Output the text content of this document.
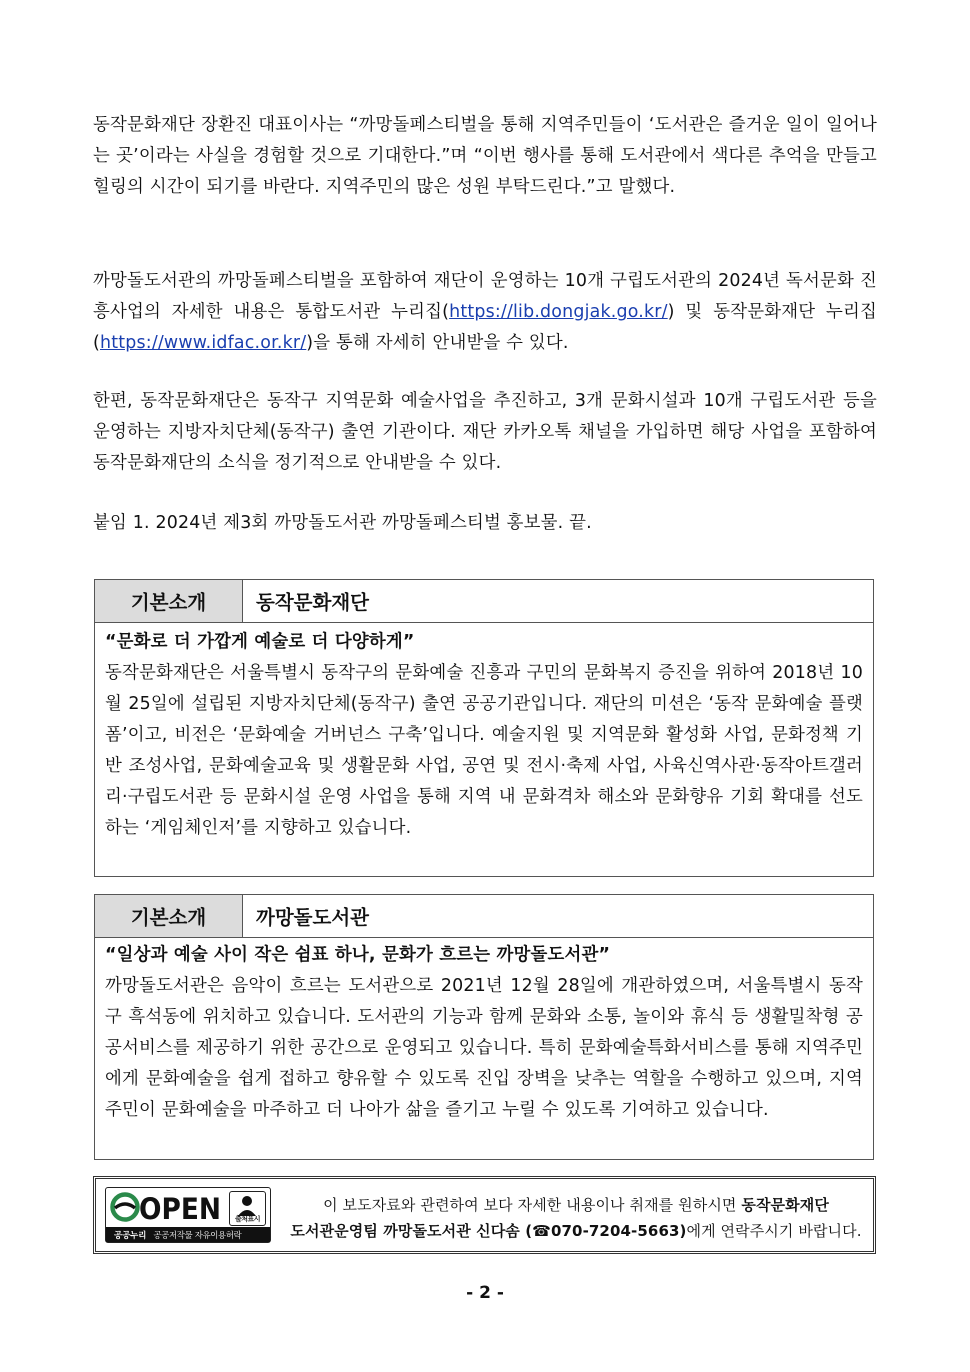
동작문화재단 장환진 대표이사는 “까망돌페스티벌을 통해 지역주민들이 ‘도서관은 즐거운 일이 일어나는 곳’이라는 사실을 경험할 것으로 기대한다.”며 “이번 행사를 통해 도서관에서 색다른 추억을 만들고 힐링의 시간이 되기를 바란다. 지역주민의 많은 성원 부탁드린다.”고 말했다.
까망돌도서관의 까망돌페스티벌을 포함하여 재단이 운영하는 10개 구립도서관의 2024년 독서문화 진흥사업의 자세한 내용은 통합도서관 누리집(https://lib.dongjak.go.kr/) 및 동작문화재단 누리집 (https://www.idfac.or.kr/)을 통해 자세히 안내받을 수 있다.
한편, 동작문화재단은 동작구 지역문화 예술사업을 추진하고, 3개 문화시설과 10개 구립도서관 등을 운영하는 지방자치단체(동작구) 출연 기관이다. 재단 카카오톡 채널을 가입하면 해당 사업을 포함하여 동작문화재단의 소식을 정기적으로 안내받을 수 있다.
붙임 1. 2024년 제3회 까망돌도서관 까망돌페스티벌 홍보물. 끝.
기본소개	동작문화재단
“문화로 더 가깝게 예술로 더 다양하게”
동작문화재단은 서울특별시 동작구의 문화예술 진흥과 구민의 문화복지 증진을 위하여 2018년 10월 25일에 설립된 지방자치단체(동작구) 출연 공공기관입니다. 재단의 미션은 ‘동작 문화예술 플랫폼’이고, 비전은 ‘문화예술 거버넌스 구축’입니다. 예술지원 및 지역문화 활성화 사업, 문화정책 기반 조성사업, 문화예술교육 및 생활문화 사업, 공연 및 전시·축제 사업, 사육신역사관·동작아트갤러리·구립도서관 등 문화시설 운영 사업을 통해 지역 내 문화격차 해소와 문화향유 기회 확대를 선도하는 ‘게임체인저’를 지향하고 있습니다.
기본소개	까망돌도서관
“일상과 예술 사이 작은 쉼표 하나, 문화가 흐르는 까망돌도서관”
까망돌도서관은 음악이 흐르는 도서관으로 2021년 12월 28일에 개관하였으며, 서울특별시 동작구 흑석동에 위치하고 있습니다. 도서관의 기능과 함께 문화와 소통, 놀이와 휴식 등 생활밀착형 공공서비스를 제공하기 위한 공간으로 운영되고 있습니다. 특히 문화예술특화서비스를 통해 지역주민에게 문화예술을 쉽게 접하고 향유할 수 있도록 진입 장벽을 낮추는 역할을 수행하고 있으며, 지역주민이 문화예술을 마주하고 더 나아가 삶을 즐기고 누릴 수 있도록 기여하고 있습니다.
OPEN	출처표시
공공누리 공공저작물 자유이용허락
이 보도자료와 관련하여 보다 자세한 내용이나 취재를 원하시면 동작문화재단
도서관운영팀 까망돌도서관 신다솜 (☎070-7204-5663)에게 연락주시기 바랍니다.
- 2 -
